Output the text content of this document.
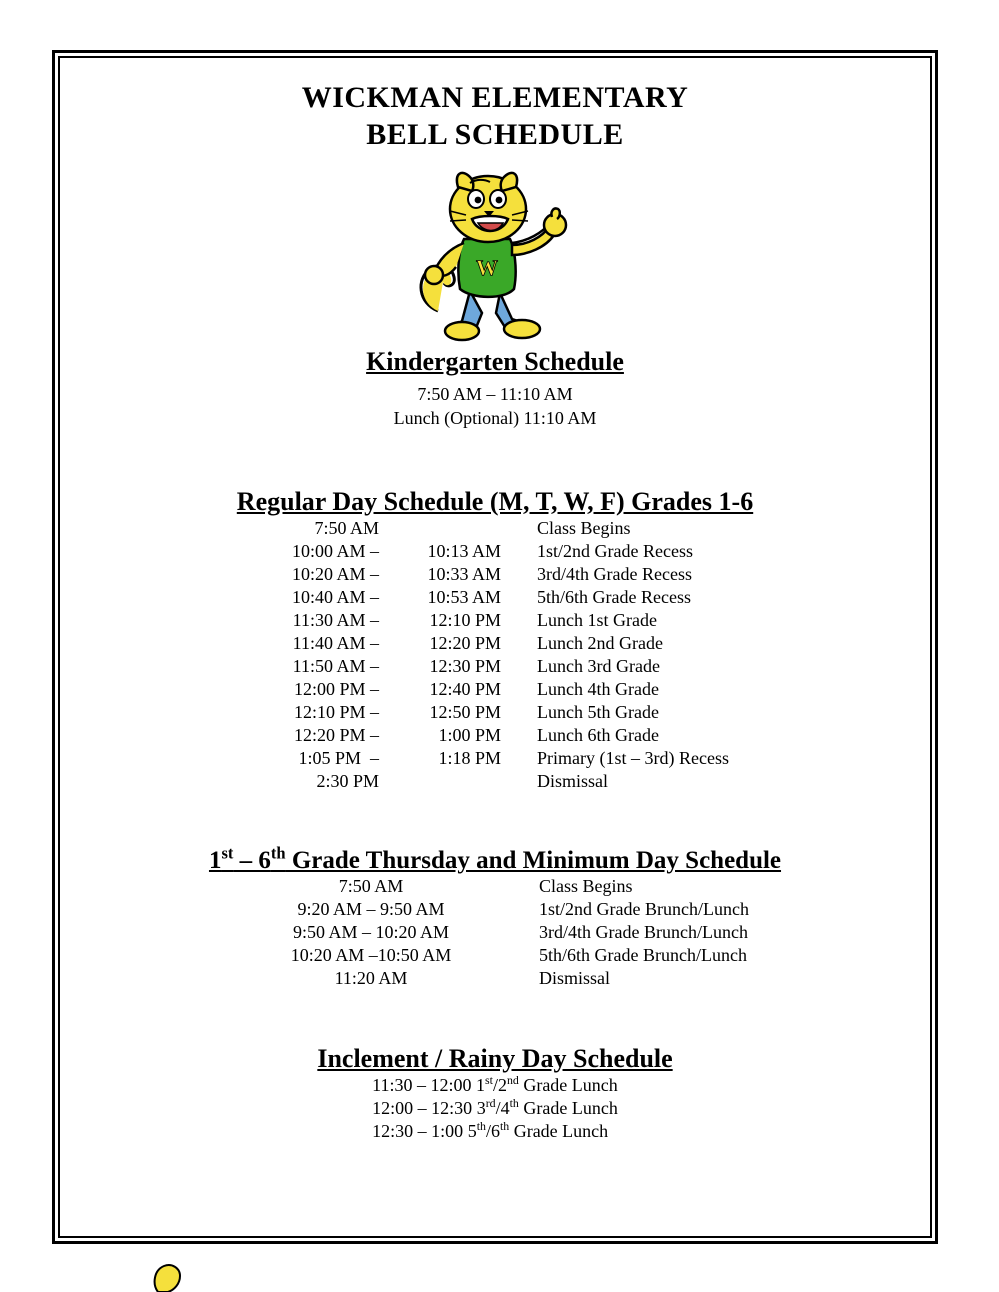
WICKMAN ELEMENTARY
BELL SCHEDULE
W
Kindergarten Schedule
7:50 AM – 11:10 AM
Lunch (Optional) 11:10 AM
Regular Day Schedule (M, T, W, F) Grades 1-6
7:50 AM		Class Begins
10:00 AM –	10:13 AM	1st/2nd Grade Recess
10:20 AM –	10:33 AM	3rd/4th Grade Recess
10:40 AM –	10:53 AM	5th/6th Grade Recess
11:30 AM –	12:10 PM	Lunch 1st Grade
11:40 AM –	12:20 PM	Lunch 2nd Grade
11:50 AM –	12:30 PM	Lunch 3rd Grade
12:00 PM –	12:40 PM	Lunch 4th Grade
12:10 PM –	12:50 PM	Lunch 5th Grade
12:20 PM –	1:00 PM	Lunch 6th Grade
1:05 PM  –	1:18 PM	Primary (1st – 3rd) Recess
2:30 PM		Dismissal
1st – 6th Grade Thursday and Minimum Day Schedule
7:50 AM	Class Begins
9:20 AM – 9:50 AM	1st/2nd Grade Brunch/Lunch
9:50 AM – 10:20 AM	3rd/4th Grade Brunch/Lunch
10:20 AM –10:50 AM	5th/6th Grade Brunch/Lunch
11:20 AM	Dismissal
Inclement / Rainy Day Schedule
11:30 – 12:00 1st/2nd Grade Lunch
12:00 – 12:30 3rd/4th Grade Lunch
12:30 – 1:00 5th/6th Grade Lunch
